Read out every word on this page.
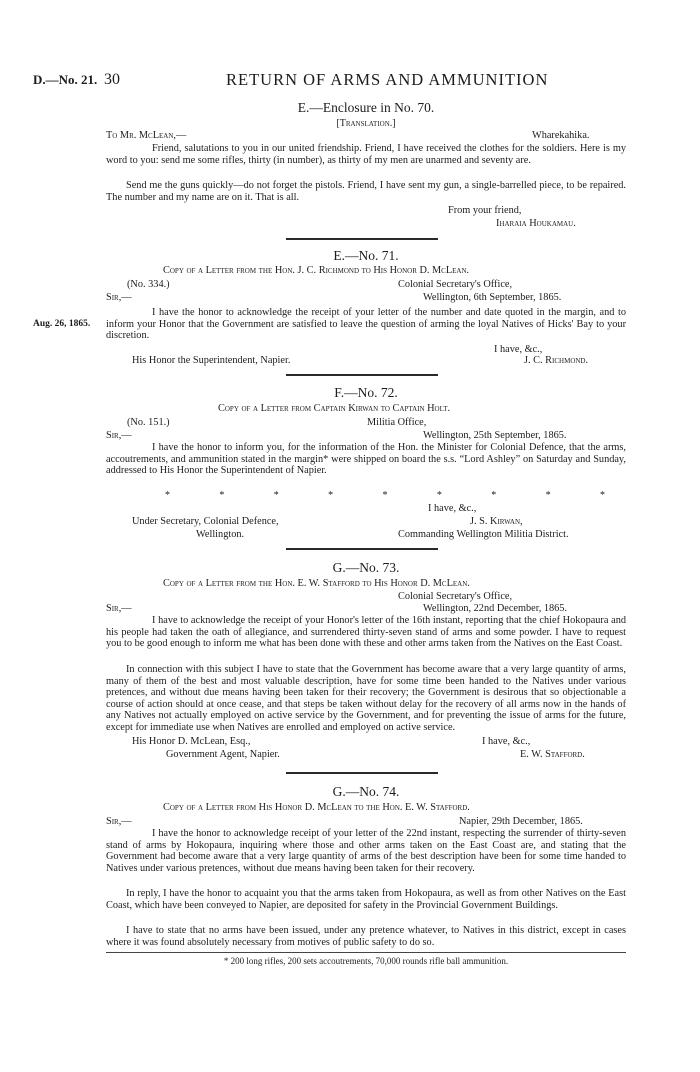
D.—No. 21. 30	RETURN OF ARMS AND AMMUNITION
E.—Enclosure in No. 70.
[Translation.]
To Mr. McLean,—	Wharekahika.

Friend, salutations to you in our united friendship. Friend, I have received the clothes for the soldiers. Here is my word to you: send me some rifles, thirty (in number), as thirty of my men are unarmed and seventy are.

Send me the guns quickly—do not forget the pistols. Friend, I have sent my gun, a single-barrelled piece, to be repaired. The number and my name are on it. That is all.

From your friend,
Iharaia Houkamau.
E.—No. 71.
Copy of a Letter from the Hon. J. C. Richmond to His Honor D. McLean.
(No. 334.)	Colonial Secretary's Office,
Sir,—	Wellington, 6th September, 1865.
Aug. 26, 1865.

I have the honor to acknowledge the receipt of your letter of the number and date quoted in the margin, and to inform your Honor that the Government are satisfied to leave the question of arming the loyal Natives of Hicks' Bay to your discretion.

I have, &c.,
His Honor the Superintendent, Napier.	J. C. Richmond.
F.—No. 72.
Copy of a Letter from Captain Kirwan to Captain Holt.
(No. 151.)	Militia Office,
Sir,—	Wellington, 25th September, 1865.

I have the honor to inform you, for the information of the Hon. the Minister for Colonial Defence, that the arms, accoutrements, and ammunition stated in the margin* were shipped on board the s.s. “Lord Ashley” on Saturday and Sunday, addressed to His Honor the Superintendent of Napier.

*	*	*	*	*	*	*	*	*
I have, &c.,
Under Secretary, Colonial Defence,	J. S. Kirwan,
Wellington.	Commanding Wellington Militia District.
G.—No. 73.
Copy of a Letter from the Hon. E. W. Stafford to His Honor D. McLean.
Colonial Secretary's Office,
Sir,—	Wellington, 22nd December, 1865.

I have to acknowledge the receipt of your Honor's letter of the 16th instant, reporting that the chief Hokopaura and his people had taken the oath of allegiance, and surrendered thirty-seven stand of arms and some powder. I have to request you to be good enough to inform me what has been done with these and other arms taken from the Natives on the East Coast.

In connection with this subject I have to state that the Government has become aware that a very large quantity of arms, many of them of the best and most valuable description, have for some time been handed to the Natives under various pretences, and without due means having been taken for their recovery; the Government is desirous that so objectionable a course of action should at once cease, and that steps be taken without delay for the recovery of all arms now in the hands of any Natives not actually employed on active service by the Government, and for preventing the issue of arms for the future, except for immediate use when Natives are enrolled and employed on active service.

His Honor D. McLean, Esq.,	I have, &c.,
Government Agent, Napier.	E. W. Stafford.
G.—No. 74.
Copy of a Letter from His Honor D. McLean to the Hon. E. W. Stafford.
Sir,—	Napier, 29th December, 1865.

I have the honor to acknowledge receipt of your letter of the 22nd instant, respecting the surrender of thirty-seven stand of arms by Hokopaura, inquiring where those and other arms taken on the East Coast are, and stating that the Government had become aware that a very large quantity of arms of the best description have been for some time handed to Natives under various pretences, without due means having been taken for their recovery.

In reply, I have the honor to acquaint you that the arms taken from Hokopaura, as well as from other Natives on the East Coast, which have been conveyed to Napier, are deposited for safety in the Provincial Government Buildings.

I have to state that no arms have been issued, under any pretence whatever, to Natives in this district, except in cases where it was found absolutely necessary from motives of public safety to do so.

* 200 long rifles, 200 sets accoutrements, 70,000 rounds rifle ball ammunition.
